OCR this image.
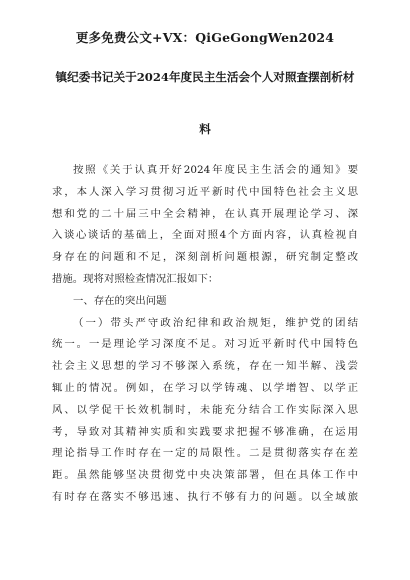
更多免费公文+VX：QiGeGongWen2024
镇纪委书记关于2024年度民主生活会个人对照查摆剖析材
料
按照《关于认真开好2024年度民主生活会的通知》要
求，本人深入学习贯彻习近平新时代中国特色社会主义思
想和党的二十届三中全会精神，在认真开展理论学习、深
入谈心谈话的基础上，全面对照4个方面内容，认真检视自
身存在的问题和不足，深刻剖析问题根源，研究制定整改
措施。现将对照检查情况汇报如下：
一、存在的突出问题
（一）带头严守政治纪律和政治规矩，维护党的团结
统一。一是理论学习深度不足。对习近平新时代中国特色
社会主义思想的学习不够深入系统，存在一知半解、浅尝
辄止的情况。例如，在学习以学铸魂、以学增智、以学正
风、以学促干长效机制时，未能充分结合工作实际深入思
考，导致对其精神实质和实践要求把握不够准确，在运用
理论指导工作时存在一定的局限性。二是贯彻落实存在差
距。虽然能够坚决贯彻党中央决策部署，但在具体工作中
有时存在落实不够迅速、执行不够有力的问题。以全域旅
